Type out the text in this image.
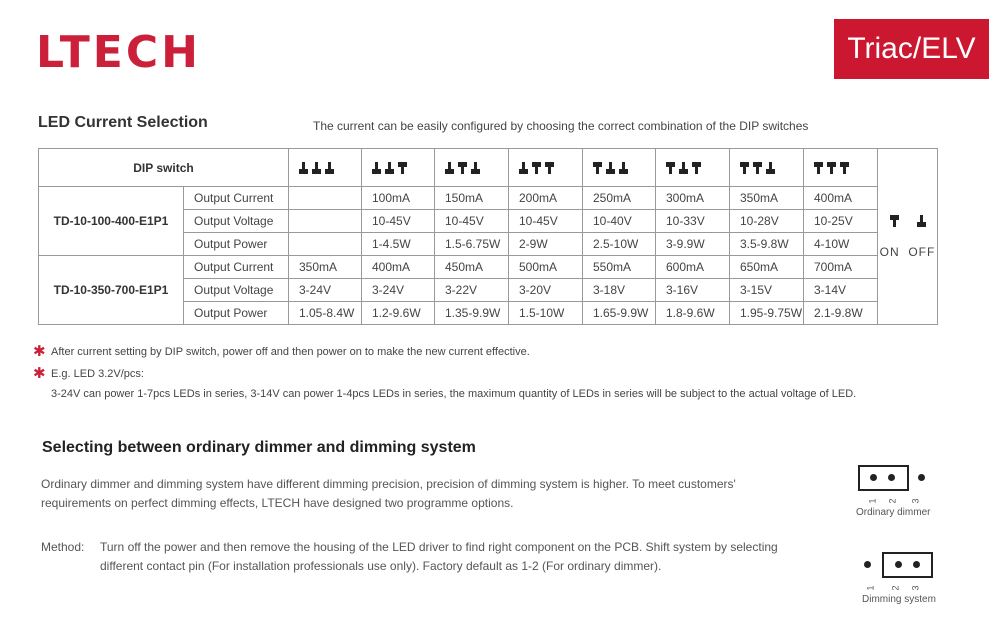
LTECH	Triac/ELV
LED Current Selection	The current can be easily configured by choosing the correct combination of the DIP switches
DIP switch										ON OFF

TD-10-100-400-E1P1	Output Current		100mA	150mA	200mA	250mA	300mA	350mA	400mA	
	Output Voltage		10-45V	10-45V	10-45V	10-40V	10-33V	10-28V	10-25V	
	Output Power		1-4.5W	1.5-6.75W	2-9W	2.5-10W	3-9.9W	3.5-9.8W	4-10W	
TD-10-350-700-E1P1	Output Current	350mA	400mA	450mA	500mA	550mA	600mA	650mA	700mA	
	Output Voltage	3-24V	3-24V	3-22V	3-20V	3-18V	3-16V	3-15V	3-14V	
	Output Power	1.05-8.4W	1.2-9.6W	1.35-9.9W	1.5-10W	1.65-9.9W	1.8-9.6W	1.95-9.75W	2.1-9.8W	
✱ After current setting by DIP switch, power off and then power on to make the new current effective.
✱ E.g. LED 3.2V/pcs:
3-24V can power 1-7pcs LEDs in series, 3-14V can power 1-4pcs LEDs in series, the maximum quantity of LEDs in series will be subject to the actual voltage of LED.
Selecting between ordinary dimmer and dimming system
Ordinary dimmer and dimming system have different dimming precision, precision of dimming system is higher. To meet customers'
requirements on perfect dimming effects, LTECH have designed two programme options.
Method: Turn off the power and then remove the housing of the LED driver to find right component on the PCB. Shift system by selecting
different contact pin (For installation professionals use only). Factory default as 1-2 (For ordinary dimmer).
1 2 3
Ordinary dimmer
1 2 3
Dimming system
